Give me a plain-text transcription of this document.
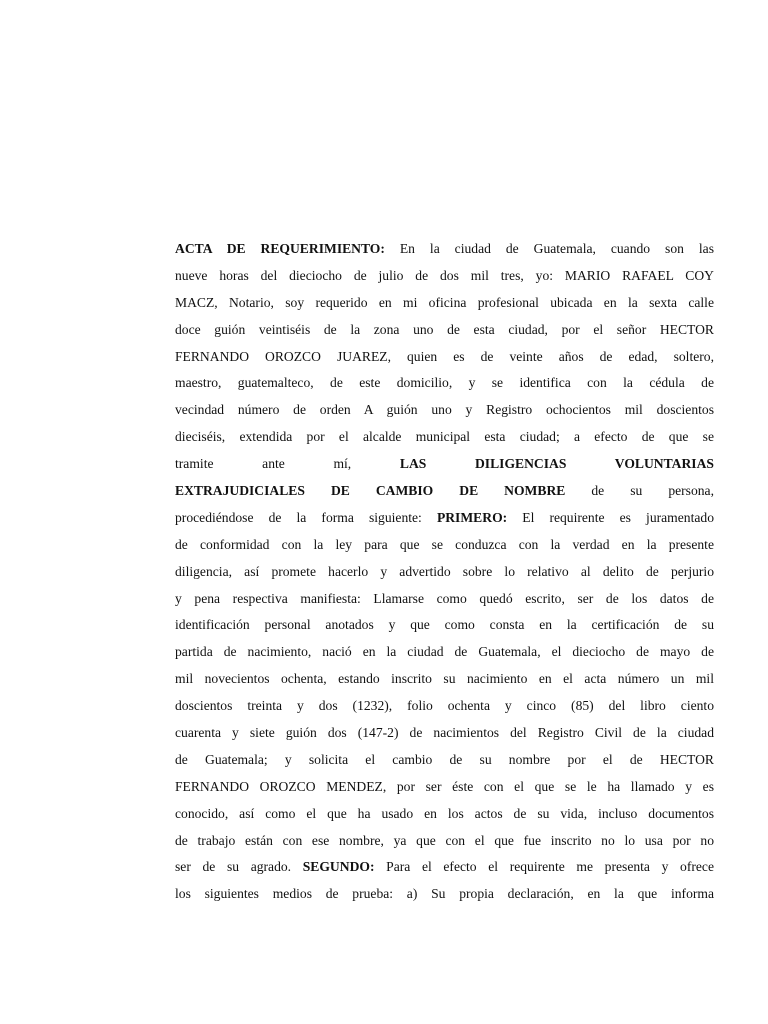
ACTA DE REQUERIMIENTO: En la ciudad de Guatemala, cuando son las
nueve horas del dieciocho de julio de dos mil tres, yo: MARIO RAFAEL COY
MACZ, Notario, soy requerido en mi oficina profesional ubicada en la sexta calle
doce guión veintiséis de la zona uno de esta ciudad, por el señor HECTOR
FERNANDO OROZCO JUAREZ, quien es de veinte años de edad, soltero,
maestro, guatemalteco, de este domicilio, y se identifica con la cédula de
vecindad número de orden A guión uno y Registro ochocientos mil doscientos
dieciséis, extendida por el alcalde municipal esta ciudad; a efecto de que se
tramite ante mí, LAS DILIGENCIAS VOLUNTARIAS
EXTRAJUDICIALES DE CAMBIO DE NOMBRE de su persona,
procediéndose de la forma siguiente: PRIMERO: El requirente es juramentado
de conformidad con la ley para que se conduzca con la verdad en la presente
diligencia, así promete hacerlo y advertido sobre lo relativo al delito de perjurio
y pena respectiva manifiesta: Llamarse como quedó escrito, ser de los datos de
identificación personal anotados y que como consta en la certificación de su
partida de nacimiento, nació en la ciudad de Guatemala, el dieciocho de mayo de
mil novecientos ochenta, estando inscrito su nacimiento en el acta número un mil
doscientos treinta y dos (1232), folio ochenta y cinco (85) del libro ciento
cuarenta y siete guión dos (147-2) de nacimientos del Registro Civil de la ciudad
de Guatemala; y solicita el cambio de su nombre por el de HECTOR
FERNANDO OROZCO MENDEZ, por ser éste con el que se le ha llamado y es
conocido, así como el que ha usado en los actos de su vida, incluso documentos
de trabajo están con ese nombre, ya que con el que fue inscrito no lo usa por no
ser de su agrado. SEGUNDO: Para el efecto el requirente me presenta y ofrece
los siguientes medios de prueba: a) Su propia declaración, en la que informa
